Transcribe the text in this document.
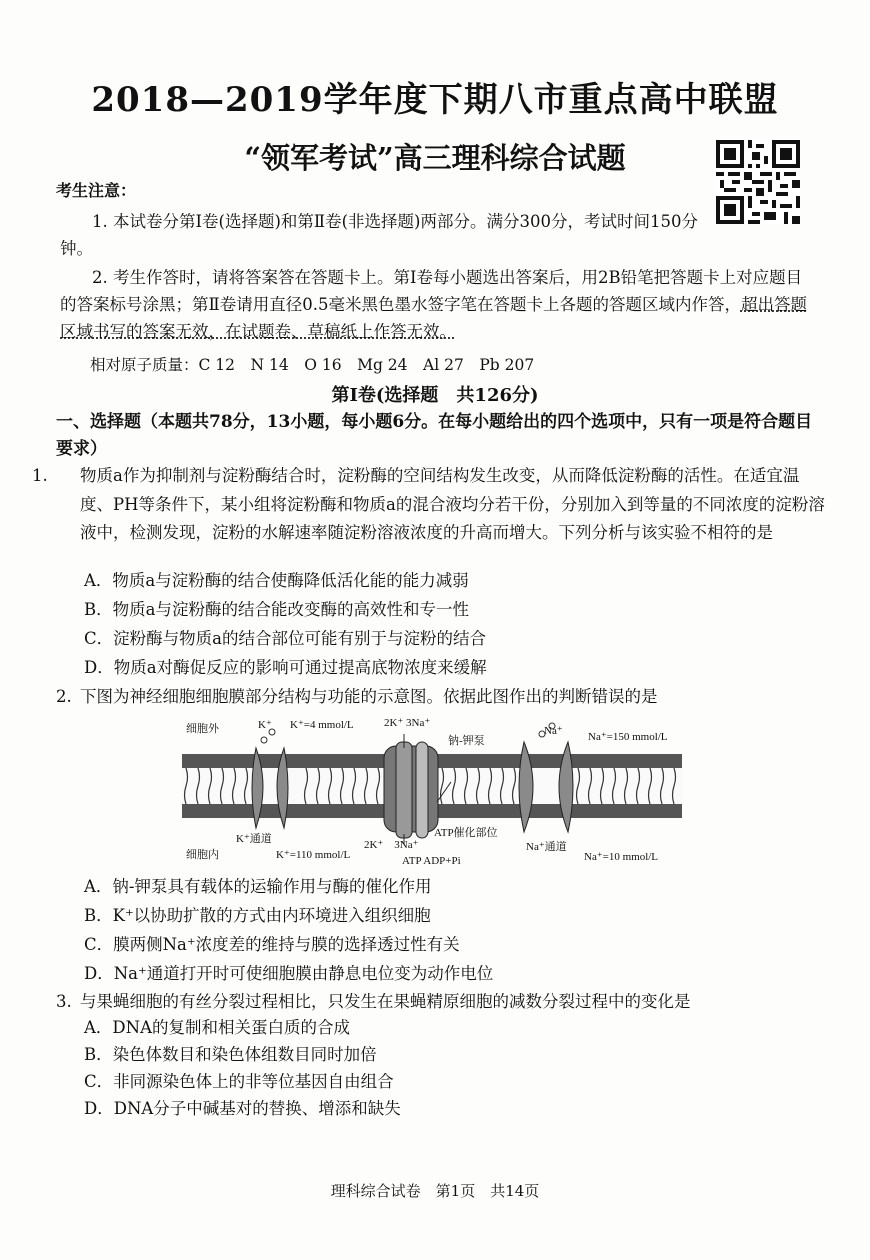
2018—2019学年度下期八市重点高中联盟
“领军考试”高三理科综合试题
考生注意：
1. 本试卷分第Ⅰ卷(选择题)和第Ⅱ卷(非选择题)两部分。满分300分，考试时间150分钟。
2. 考生作答时，请将答案答在答题卡上。第Ⅰ卷每小题选出答案后，用2B铅笔把答题卡上对应题目的答案标号涂黑；第Ⅱ卷请用直径0.5毫米黑色墨水签字笔在答题卡上各题的答题区域内作答，超出答题区域书写的答案无效，在试题卷、草稿纸上作答无效。
相对原子质量：C 12　N 14　O 16　Mg 24　Al 27　Pb 207
第Ⅰ卷(选择题　共126分)
一、选择题（本题共78分，13小题，每小题6分。在每小题给出的四个选项中，只有一项是符合题目要求）
1. 物质a作为抑制剂与淀粉酶结合时，淀粉酶的空间结构发生改变，从而降低淀粉酶的活性。在适宜温度、PH等条件下，某小组将淀粉酶和物质a的混合液均分若干份，分别加入到等量的不同浓度的淀粉溶液中，检测发现，淀粉的水解速率随淀粉溶液浓度的升高而增大。下列分析与该实验不相符的是
A．物质a与淀粉酶的结合使酶降低活化能的能力减弱
B．物质a与淀粉酶的结合能改变酶的高效性和专一性
C．淀粉酶与物质a的结合部位可能有别于与淀粉的结合
D．物质a对酶促反应的影响可通过提高底物浓度来缓解
2. 下图为神经细胞细胞膜部分结构与功能的示意图。依据此图作出的判断错误的是
细胞外	K⁺ K⁺=4 mmol/L	2K⁺ 3Na⁺
钠-钾泵
Na⁺ Na⁺=150 mmol/L
K⁺通道
细胞内	K⁺=110 mmol/L
2K⁺　3Na⁺
ATP催化部位
ATP ADP+Pi
Na⁺通道
Na⁺=10 mmol/L
A．钠-钾泵具有载体的运输作用与酶的催化作用
B．K⁺以协助扩散的方式由内环境进入组织细胞
C．膜两侧Na⁺浓度差的维持与膜的选择透过性有关
D．Na⁺通道打开时可使细胞膜由静息电位变为动作电位
3. 与果蝇细胞的有丝分裂过程相比，只发生在果蝇精原细胞的减数分裂过程中的变化是
A．DNA的复制和相关蛋白质的合成
B．染色体数目和染色体组数目同时加倍
C．非同源染色体上的非等位基因自由组合
D．DNA分子中碱基对的替换、增添和缺失
理科综合试卷　第1页　共14页
